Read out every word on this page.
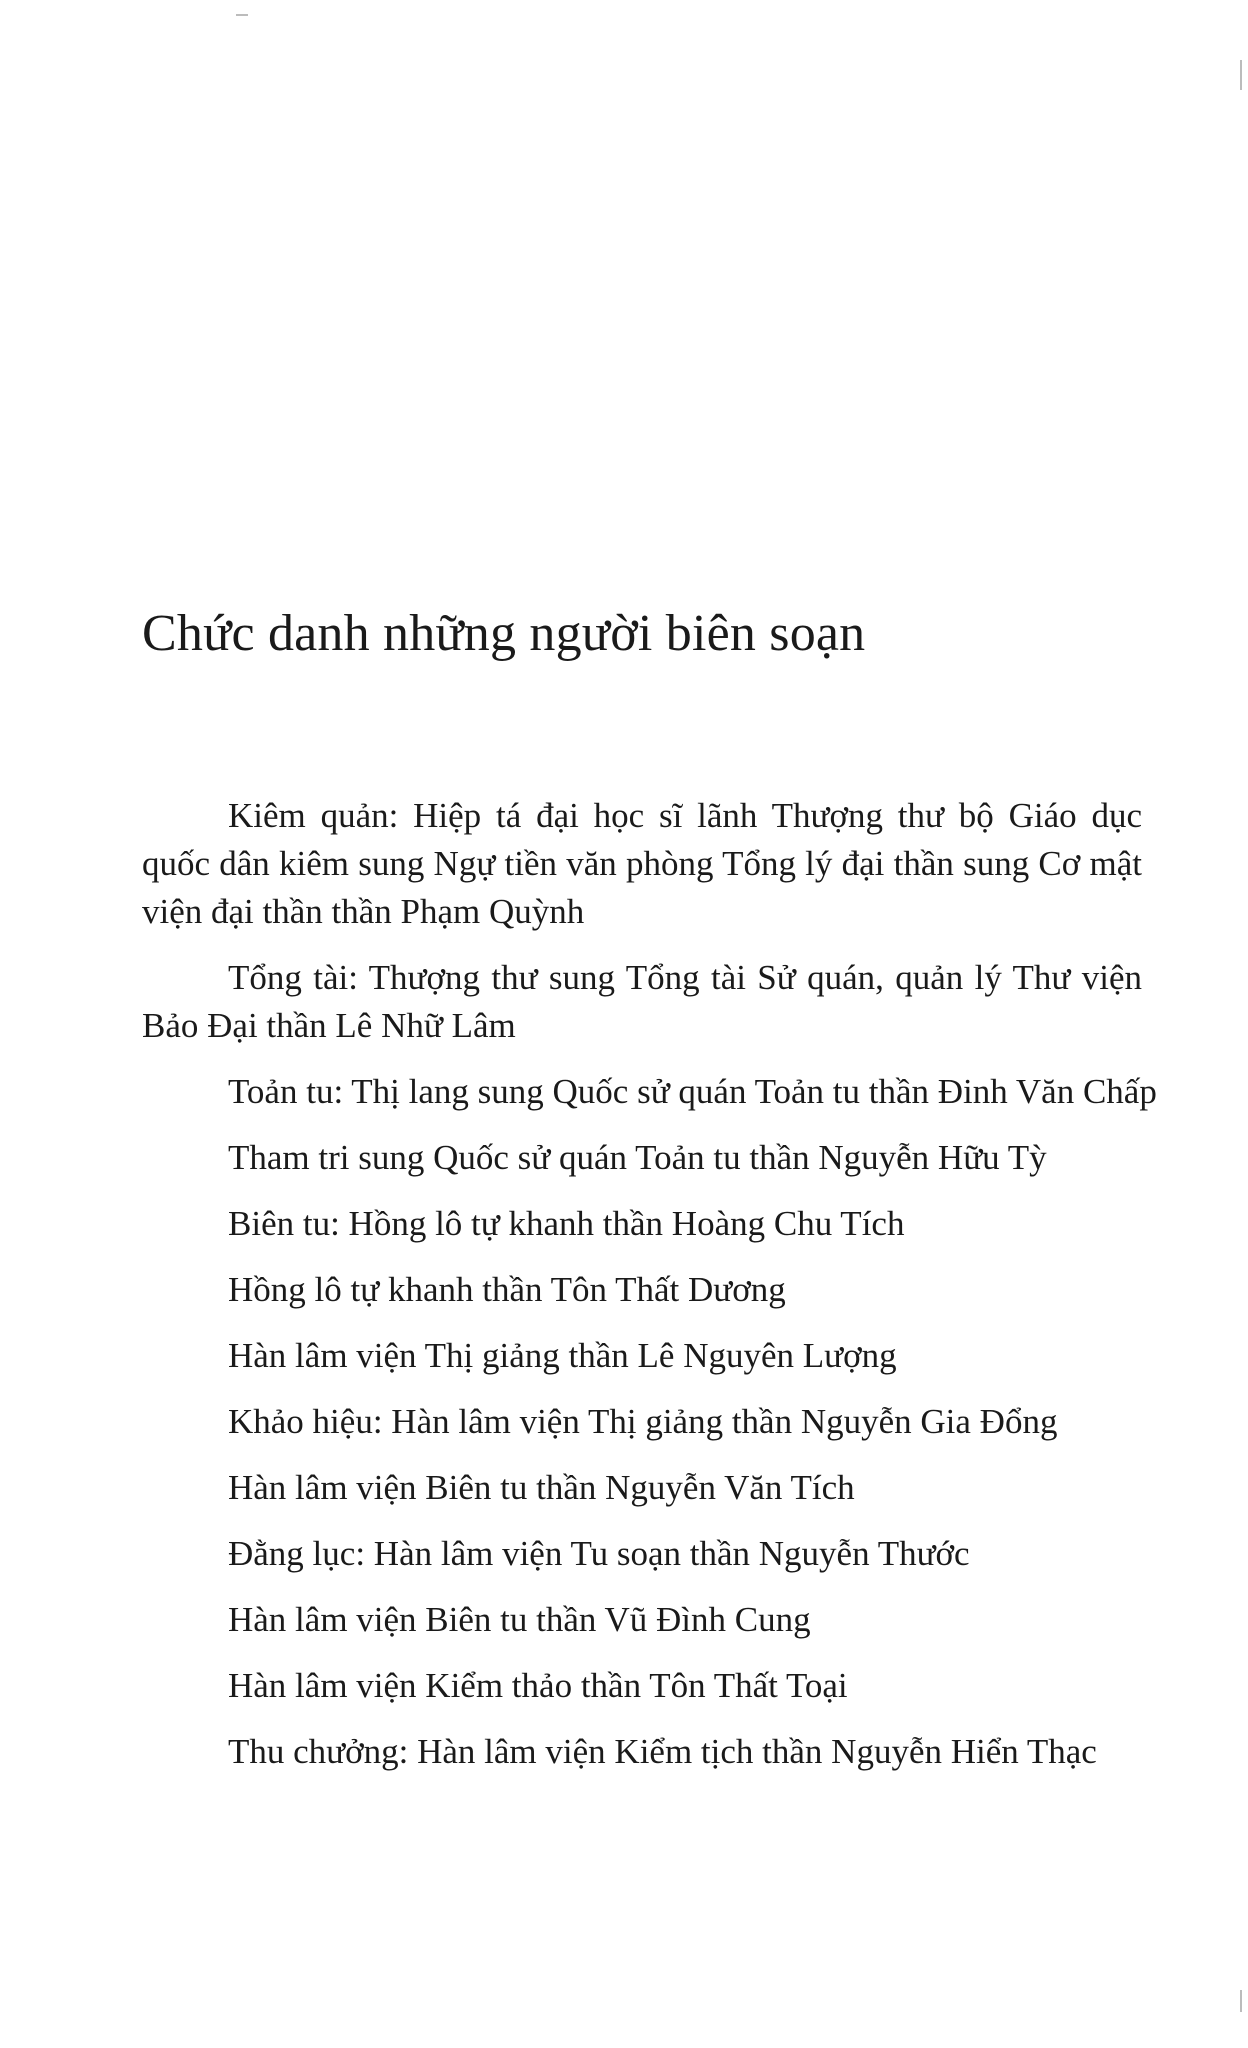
Chức danh những người biên soạn

Kiêm quản: Hiệp tá đại học sĩ lãnh Thượng thư bộ Giáo dục quốc dân kiêm sung Ngự tiền văn phòng Tổng lý đại thần sung Cơ mật viện đại thần thần Phạm Quỳnh

Tổng tài: Thượng thư sung Tổng tài Sử quán, quản lý Thư viện Bảo Đại thần Lê Nhữ Lâm

Toản tu: Thị lang sung Quốc sử quán Toản tu thần Đinh Văn Chấp

Tham tri sung Quốc sử quán Toản tu thần Nguyễn Hữu Tỳ

Biên tu: Hồng lô tự khanh thần Hoàng Chu Tích

Hồng lô tự khanh thần Tôn Thất Dương

Hàn lâm viện Thị giảng thần Lê Nguyên Lượng

Khảo hiệu: Hàn lâm viện Thị giảng thần Nguyễn Gia Đổng

Hàn lâm viện Biên tu thần Nguyễn Văn Tích

Đằng lục: Hàn lâm viện Tu soạn thần Nguyễn Thước

Hàn lâm viện Biên tu thần Vũ Đình Cung

Hàn lâm viện Kiểm thảo thần Tôn Thất Toại

Thu chưởng: Hàn lâm viện Kiểm tịch thần Nguyễn Hiển Thạc
